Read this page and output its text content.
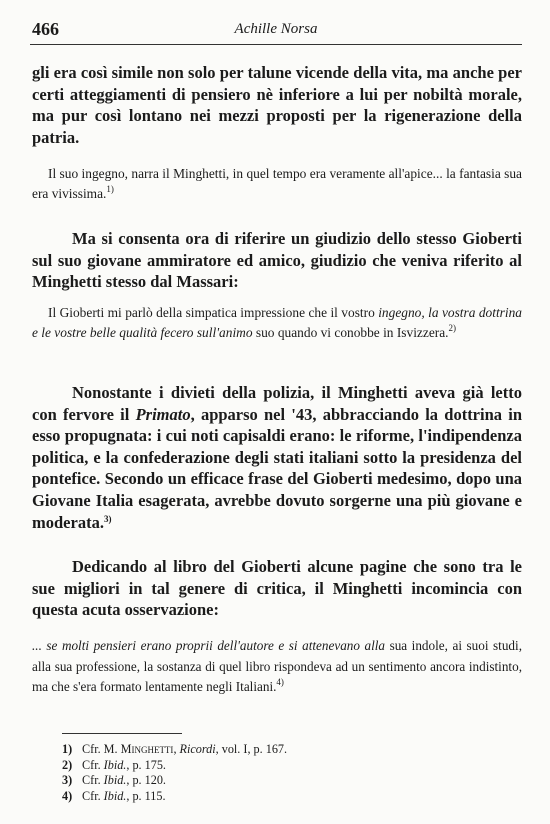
466	Achille Norsa

gli era così simile non solo per talune vicende della vita, ma anche per certi atteggiamenti di pensiero nè inferiore a lui per nobiltà morale, ma pur così lontano nei mezzi proposti per la rigenerazione della patria.

Il suo ingegno, narra il Minghetti, in quel tempo era veramente all'apice... la fantasia sua era vivissima.$^{1)}$

Ma si consenta ora di riferire un giudizio dello stesso Gioberti sul suo giovane ammiratore ed amico, giudizio che veniva riferito al Minghetti stesso dal Massari:

Il Gioberti mi parlò della simpatica impressione che il vostro ingegno, la vostra dottrina e le vostre belle qualità fecero sull'animo suo quando vi conobbe in Isvizzera.$^{2)}$

Nonostante i divieti della polizia, il Minghetti aveva già letto con fervore il Primato, apparso nel '43, abbracciando la dottrina in esso propugnata: i cui noti capisaldi erano: le riforme, l'indipendenza politica, e la confederazione degli stati italiani sotto la presidenza del pontefice. Secondo un efficace frase del Gioberti medesimo, dopo una Giovane Italia esagerata, avrebbe dovuto sorgerne una più giovane e moderata.$^{3)}$

Dedicando al libro del Gioberti alcune pagine che sono tra le sue migliori in tal genere di critica, il Minghetti incomincia con questa acuta osservazione:

... se molti pensieri erano proprii dell'autore e si attenevano alla sua indole, ai suoi studi, alla sua professione, la sostanza di quel libro rispondeva ad un sentimento ancora indistinto, ma che s'era formato lentamente negli Italiani.$^{4)}$

1) Cfr. M. Minghetti, Ricordi, vol. I, p. 167.
2) Cfr. Ibid., p. 175.
3) Cfr. Ibid., p. 120.
4) Cfr. Ibid., p. 115.
